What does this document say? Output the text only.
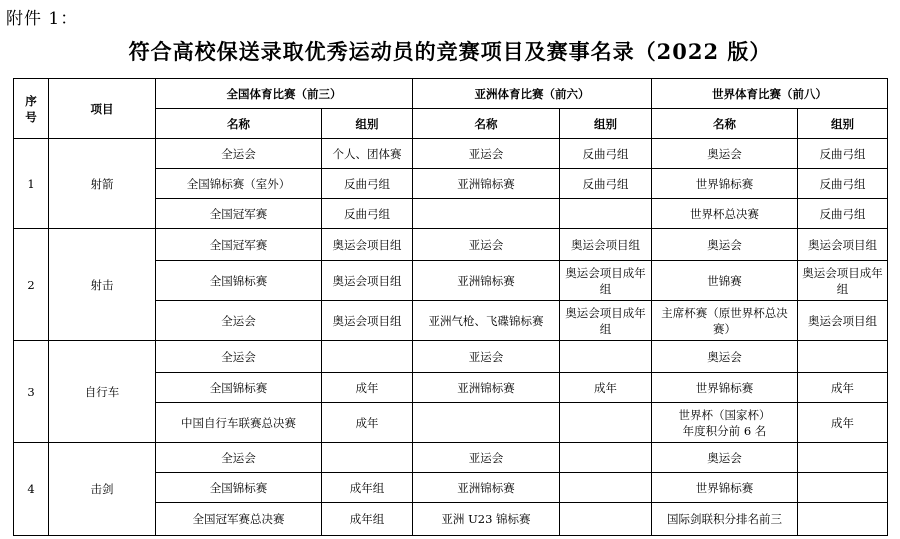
附件 1：
符合高校保送录取优秀运动员的竞赛项目及赛事名录（2022 版）
序
号	项目	全国体育比赛（前三）		亚洲体育比赛（前六）		世界体育比赛（前八）	
		名称	组别	名称	组别	名称	组别
1	射箭	全运会	个人、团体赛	亚运会	反曲弓组	奥运会	反曲弓组
		全国锦标赛（室外）	反曲弓组	亚洲锦标赛	反曲弓组	世界锦标赛	反曲弓组
		全国冠军赛	反曲弓组			世界杯总决赛	反曲弓组
2	射击	全国冠军赛	奥运会项目组	亚运会	奥运会项目组	奥运会	奥运会项目组
		全国锦标赛	奥运会项目组	亚洲锦标赛	奥运会项目成年组	世锦赛	奥运会项目成年组
		全运会	奥运会项目组	亚洲气枪、飞碟锦标赛	奥运会项目成年组	主席杯赛（原世界杯总决赛）	奥运会项目组
3	自行车	全运会		亚运会		奥运会	
		全国锦标赛	成年	亚洲锦标赛	成年	世界锦标赛	成年
		中国自行车联赛总决赛	成年			世界杯（国家杯）
年度积分前 6 名	成年
4	击剑	全运会		亚运会		奥运会	
		全国锦标赛	成年组	亚洲锦标赛		世界锦标赛	
		全国冠军赛总决赛	成年组	亚洲 U23 锦标赛		国际剑联积分排名前三	
